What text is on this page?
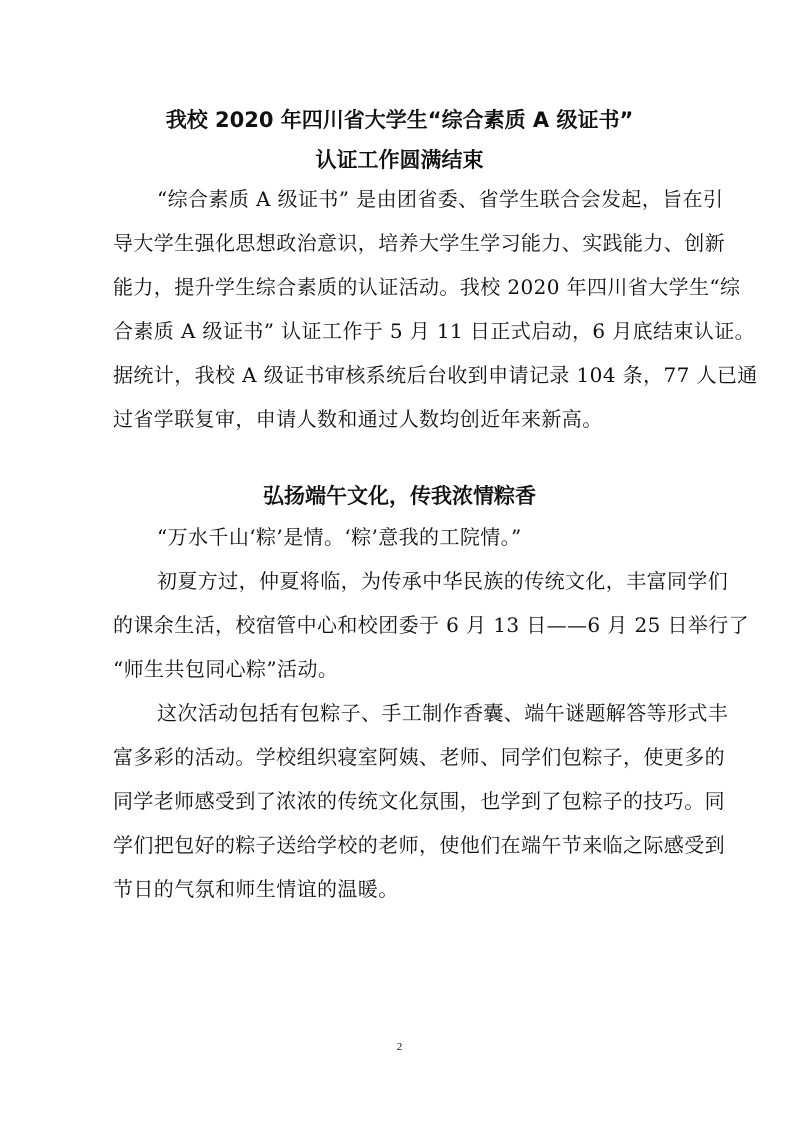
我校 2020 年四川省大学生“综合素质 A 级证书”
认证工作圆满结束
“综合素质 A 级证书” 是由团省委、省学生联合会发起，旨在引
导大学生强化思想政治意识，培养大学生学习能力、实践能力、创新
能力，提升学生综合素质的认证活动。我校 2020 年四川省大学生“综
合素质 A 级证书” 认证工作于 5 月 11 日正式启动，6 月底结束认证。
据统计，我校 A 级证书审核系统后台收到申请记录 104 条，77 人已通
过省学联复审，申请人数和通过人数均创近年来新高。
弘扬端午文化，传我浓情粽香
“万水千山‘粽’是情。‘粽’意我的工院情。”
初夏方过，仲夏将临，为传承中华民族的传统文化，丰富同学们
的课余生活，校宿管中心和校团委于 6 月 13 日——6 月 25 日举行了
“师生共包同心粽”活动。
这次活动包括有包粽子、手工制作香囊、端午谜题解答等形式丰
富多彩的活动。学校组织寝室阿姨、老师、同学们包粽子，使更多的
同学老师感受到了浓浓的传统文化氛围，也学到了包粽子的技巧。同
学们把包好的粽子送给学校的老师，使他们在端午节来临之际感受到
节日的气氛和师生情谊的温暖。
2
